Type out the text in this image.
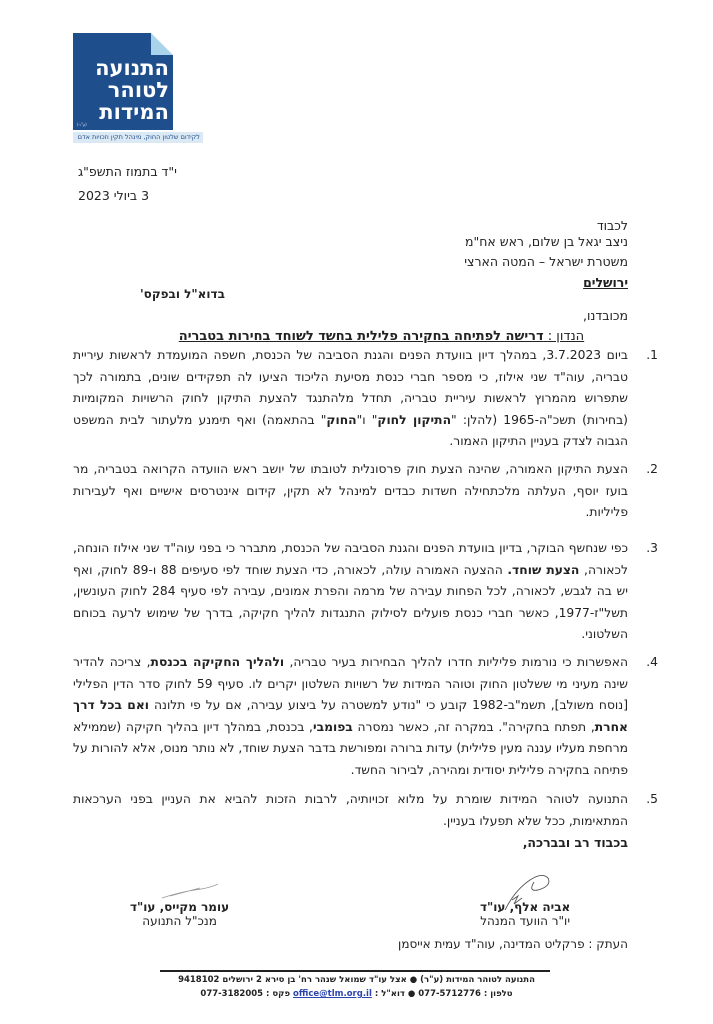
התנועה
לטוהר
המידות
(ע"ר)
לקידום שלטון החוק, מינהל תקין וזכויות אדם
י"ד בתמוז התשפ"ג
3 ביולי 2023
לכבוד
ניצב יגאל בן שלום, ראש אח"מ
משטרת ישראל – המטה הארצי
ירושלים
בדוא"ל ובפקס'
מכובדנו,
הנדון : דרישה לפתיחה בחקירה פלילית בחשד לשוחד בחירות בטבריה
1.
ביום 3.7.2023, במהלך דיון בוועדת הפנים והגנת הסביבה של הכנסת, חשפה המועמדת לראשות עיריית טבריה, עוה"ד שני אילוז, כי מספר חברי כנסת מסיעת הליכוד הציעו לה תפקידים שונים, בתמורה לכך שתפרוש מהמרוץ לראשות עיריית טבריה, תחדל מלהתנגד להצעת התיקון לחוק הרשויות המקומיות (בחירות) תשכ"ה-1965 (להלן: "התיקון לחוק" ו"החוק" בהתאמה) ואף תימנע מלעתור לבית המשפט הגבוה לצדק בעניין התיקון האמור.
2.
הצעת התיקון האמורה, שהינה הצעת חוק פרסונלית לטובתו של יושב ראש הוועדה הקרואה בטבריה, מר בועז יוסף, העלתה מלכתחילה חשדות כבדים למינהל לא תקין, קידום אינטרסים אישיים ואף לעבירות פליליות.
3.
כפי שנחשף הבוקר, בדיון בוועדת הפנים והגנת הסביבה של הכנסת, מתברר כי בפני עוה"ד שני אילוז הונחה, לכאורה, הצעת שוחד. ההצעה האמורה עולה, לכאורה, כדי הצעת שוחד לפי סעיפים 88 ו-89 לחוק, ואף יש בה לגבש, לכאורה, לכל הפחות עבירה של מרמה והפרת אמונים, עבירה לפי סעיף 284 לחוק העונשין, תשל"ז-1977, כאשר חברי כנסת פועלים לסילוק התנגדות להליך חקיקה, בדרך של שימוש לרעה בכוחם השלטוני.
4.
האפשרות כי נורמות פליליות חדרו להליך הבחירות בעיר טבריה, ולהליך החקיקה בכנסת, צריכה להדיר שינה מעיני מי ששלטון החוק וטוהר המידות של רשויות השלטון יקרים לו. סעיף 59 לחוק סדר הדין הפלילי [נוסח משולב], תשמ"ב-1982 קובע כי "נודע למשטרה על ביצוע עבירה, אם על פי תלונה ואם בכל דרך אחרת, תפתח בחקירה". במקרה זה, כאשר נמסרה בפומבי, בכנסת, במהלך דיון בהליך חקיקה (שממילא מרחפת מעליו עננה מעין פלילית) עדות ברורה ומפורשת בדבר הצעת שוחד, לא נותר מנוס, אלא להורות על פתיחה בחקירה פלילית יסודית ומהירה, לבירור החשד.
5.
התנועה לטוהר המידות שומרת על מלוא זכויותיה, לרבות הזכות להביא את העניין בפני הערכאות המתאימות, ככל שלא תפעלו בעניין.
בכבוד רב ובברכה,
עומר מקייס, עו"ד
מנכ"ל התנועה
אביה אלף, עו"ד
יו"ר הוועד המנהל
העתק : פרקליט המדינה, עוה"ד עמית אייסמן
התנועה לטוהר המידות (ע"ר) ● אצל עו"ד שמואל שנהר רח' בן סירא 2 ירושלים 9418102
טלפון : 077-5712776 ● דוא"ל : office@tlm.org.il פקס : 077-3182005
